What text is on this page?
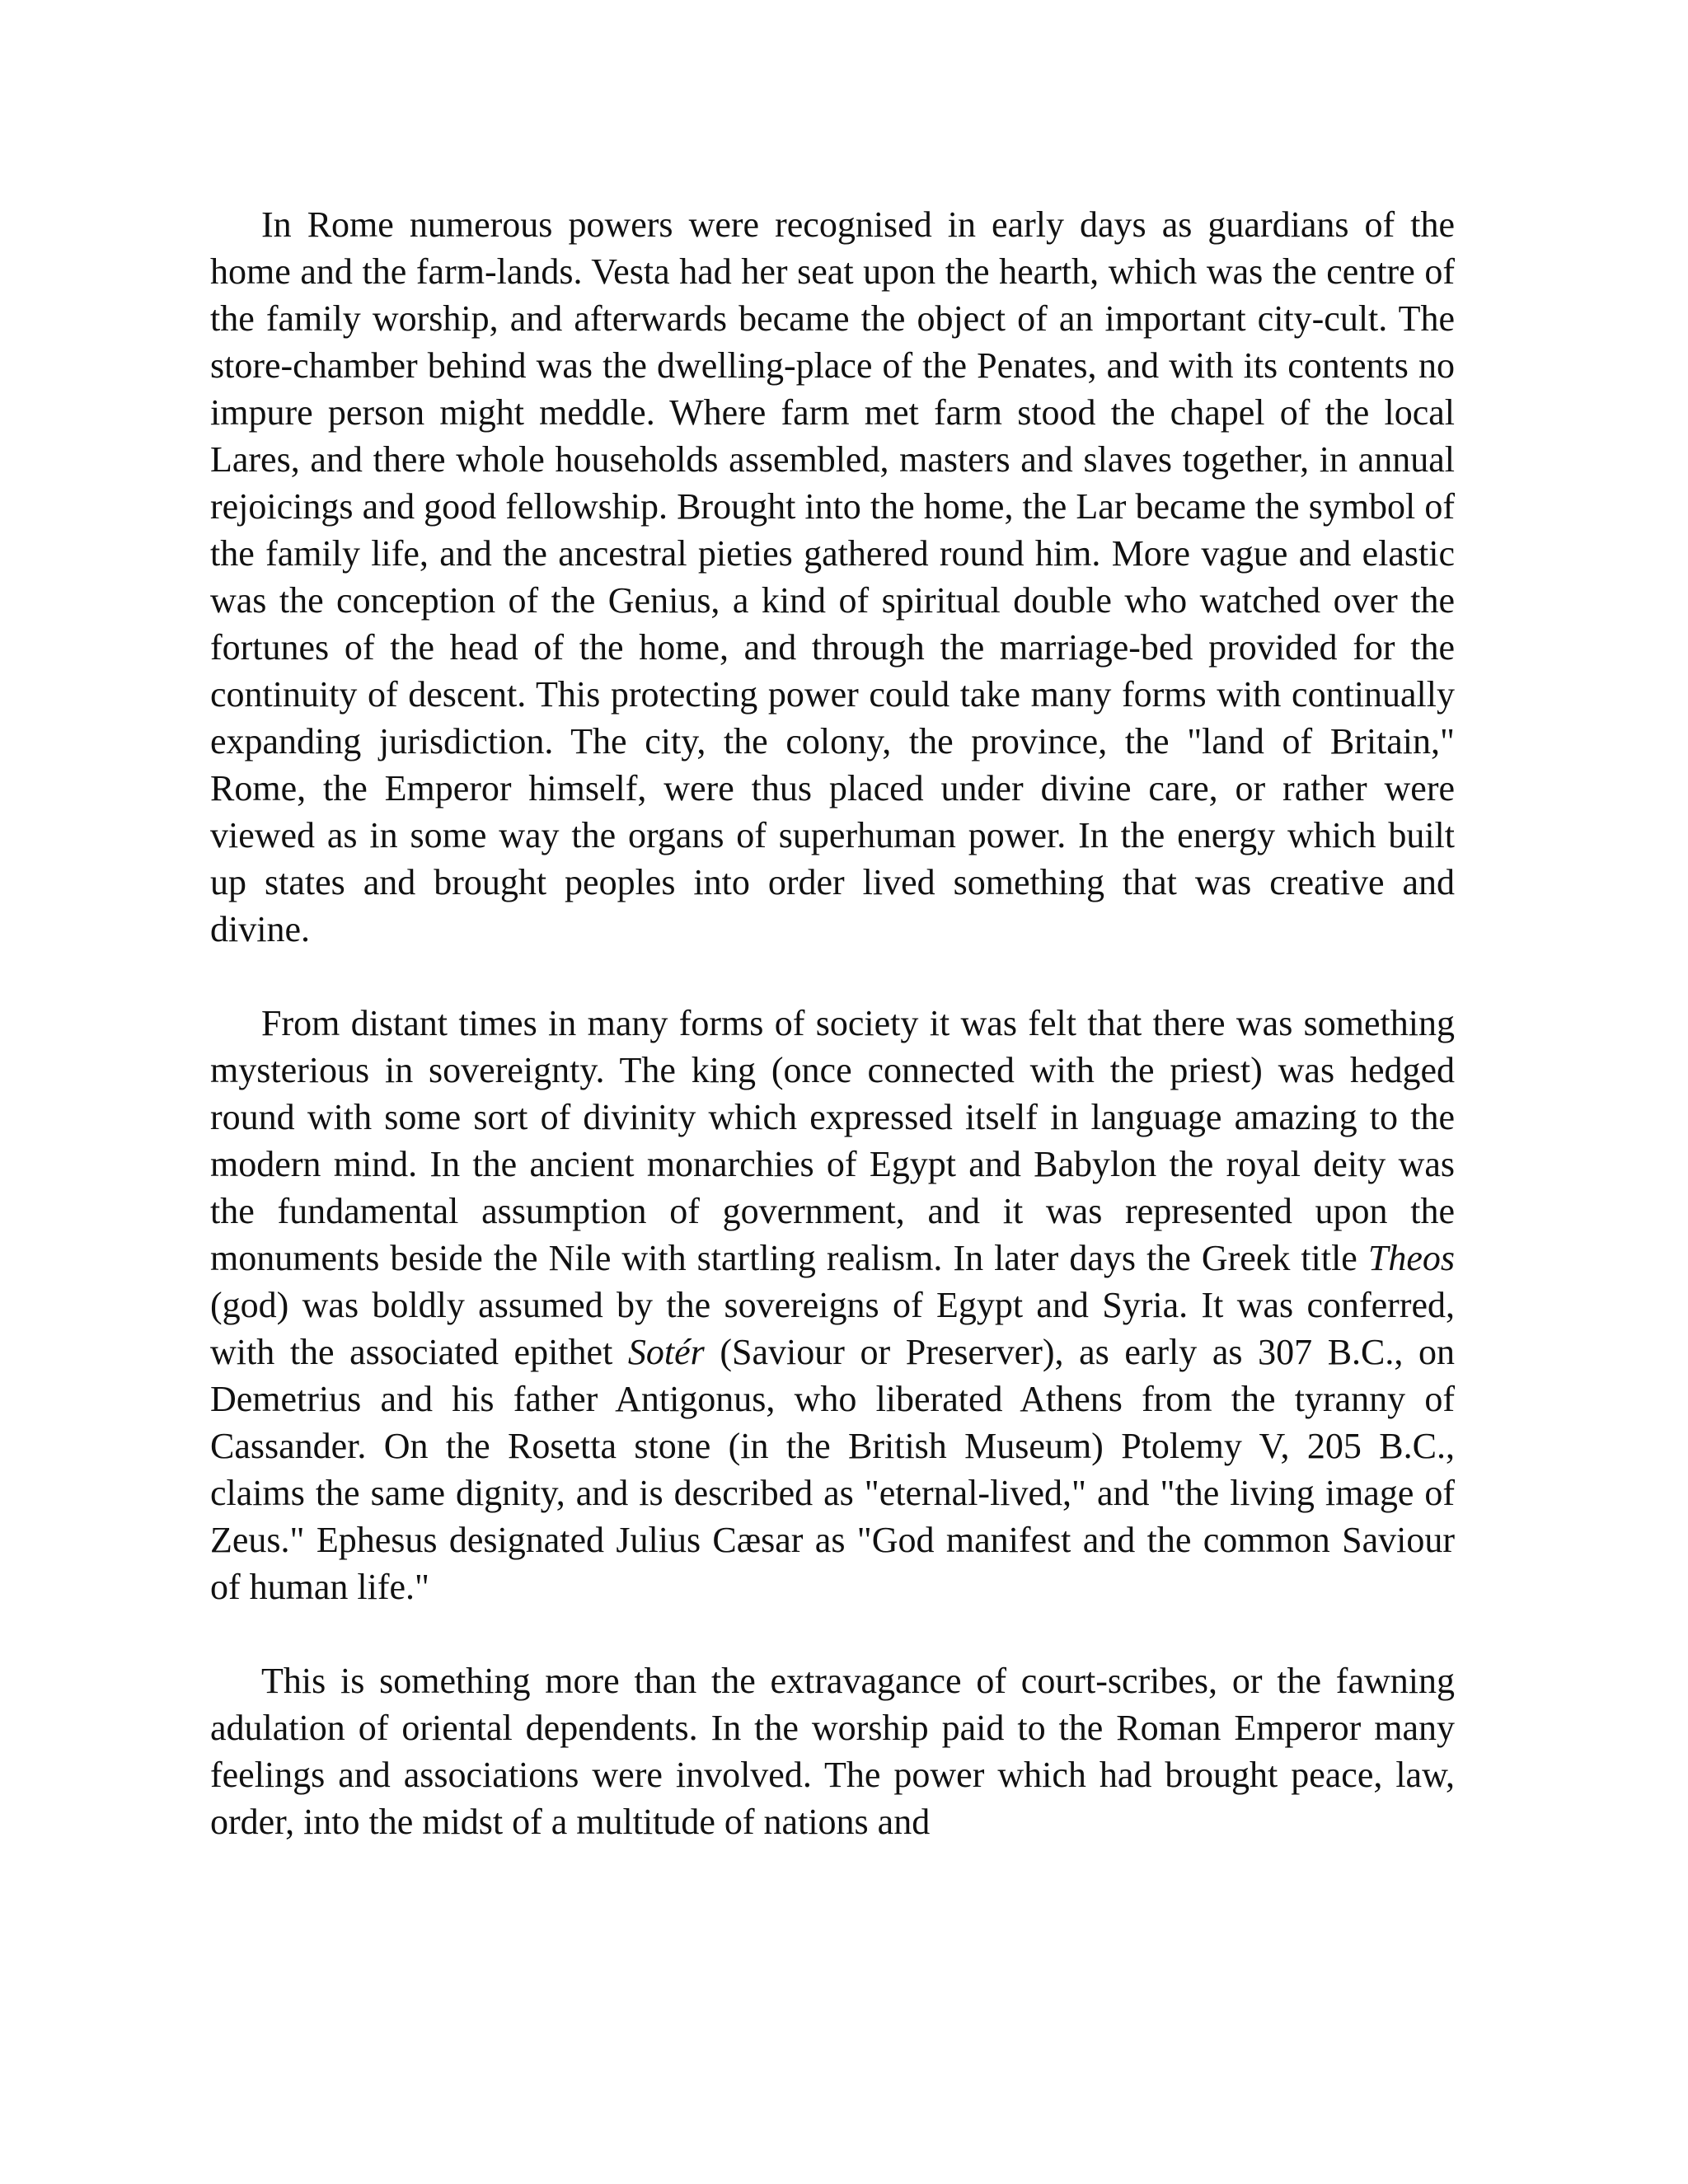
In Rome numerous powers were recognised in early days as guardians of the home and the farm-lands. Vesta had her seat upon the hearth, which was the centre of the family worship, and afterwards became the object of an important city-cult. The store-chamber behind was the dwelling-place of the Penates, and with its contents no impure person might meddle. Where farm met farm stood the chapel of the local Lares, and there whole households assembled, masters and slaves together, in annual rejoicings and good fellowship. Brought into the home, the Lar became the symbol of the family life, and the ancestral pieties gathered round him. More vague and elastic was the conception of the Genius, a kind of spiritual double who watched over the fortunes of the head of the home, and through the marriage-bed provided for the continuity of descent. This protecting power could take many forms with continually expanding jurisdiction. The city, the colony, the province, the "land of Britain," Rome, the Emperor himself, were thus placed under divine care, or rather were viewed as in some way the organs of superhuman power. In the energy which built up states and brought peoples into order lived something that was creative and divine.

From distant times in many forms of society it was felt that there was something mysterious in sovereignty. The king (once connected with the priest) was hedged round with some sort of divinity which expressed itself in language amazing to the modern mind. In the ancient monarchies of Egypt and Babylon the royal deity was the fundamental assumption of government, and it was represented upon the monuments beside the Nile with startling realism. In later days the Greek title Theos (god) was boldly assumed by the sovereigns of Egypt and Syria. It was conferred, with the associated epithet Sotér (Saviour or Preserver), as early as 307 B.C., on Demetrius and his father Antigonus, who liberated Athens from the tyranny of Cassander. On the Rosetta stone (in the British Museum) Ptolemy V, 205 B.C., claims the same dignity, and is described as "eternal-lived," and "the living image of Zeus." Ephesus designated Julius Cæsar as "God manifest and the common Saviour of human life."

This is something more than the extravagance of court-scribes, or the fawning adulation of oriental dependents. In the worship paid to the Roman Emperor many feelings and associations were involved. The power which had brought peace, law, order, into the midst of a multitude of nations and
